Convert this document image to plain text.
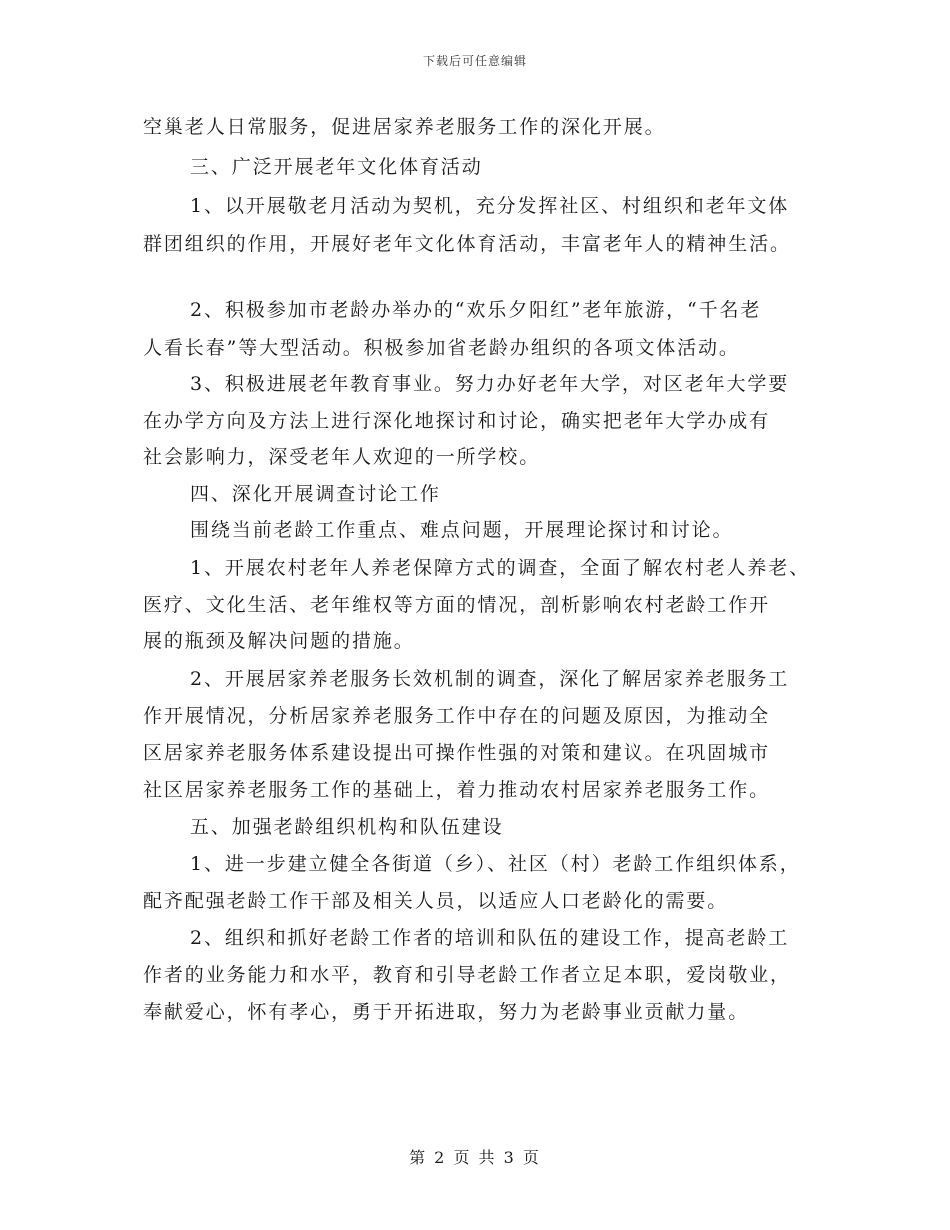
下载后可任意编辑

空巢老人日常服务，促进居家养老服务工作的深化开展。

三、广泛开展老年文化体育活动

1、以开展敬老月活动为契机，充分发挥社区、村组织和老年文体

群团组织的作用，开展好老年文化体育活动，丰富老年人的精神生活。

2、积极参加市老龄办举办的“欢乐夕阳红”老年旅游，“千名老

人看长春”等大型活动。积极参加省老龄办组织的各项文体活动。

3、积极进展老年教育事业。努力办好老年大学，对区老年大学要

在办学方向及方法上进行深化地探讨和讨论，确实把老年大学办成有

社会影响力，深受老年人欢迎的一所学校。

四、深化开展调查讨论工作

围绕当前老龄工作重点、难点问题，开展理论探讨和讨论。

1、开展农村老年人养老保障方式的调查，全面了解农村老人养老、

医疗、文化生活、老年维权等方面的情况，剖析影响农村老龄工作开

展的瓶颈及解决问题的措施。

2、开展居家养老服务长效机制的调查，深化了解居家养老服务工

作开展情况，分析居家养老服务工作中存在的问题及原因，为推动全

区居家养老服务体系建设提出可操作性强的对策和建议。在巩固城市

社区居家养老服务工作的基础上，着力推动农村居家养老服务工作。

五、加强老龄组织机构和队伍建设

1、进一步建立健全各街道（乡）、社区（村）老龄工作组织体系，

配齐配强老龄工作干部及相关人员，以适应人口老龄化的需要。

2、组织和抓好老龄工作者的培训和队伍的建设工作，提高老龄工

作者的业务能力和水平，教育和引导老龄工作者立足本职，爱岗敬业，

奉献爱心，怀有孝心，勇于开拓进取，努力为老龄事业贡献力量。

第 2 页 共 3 页
